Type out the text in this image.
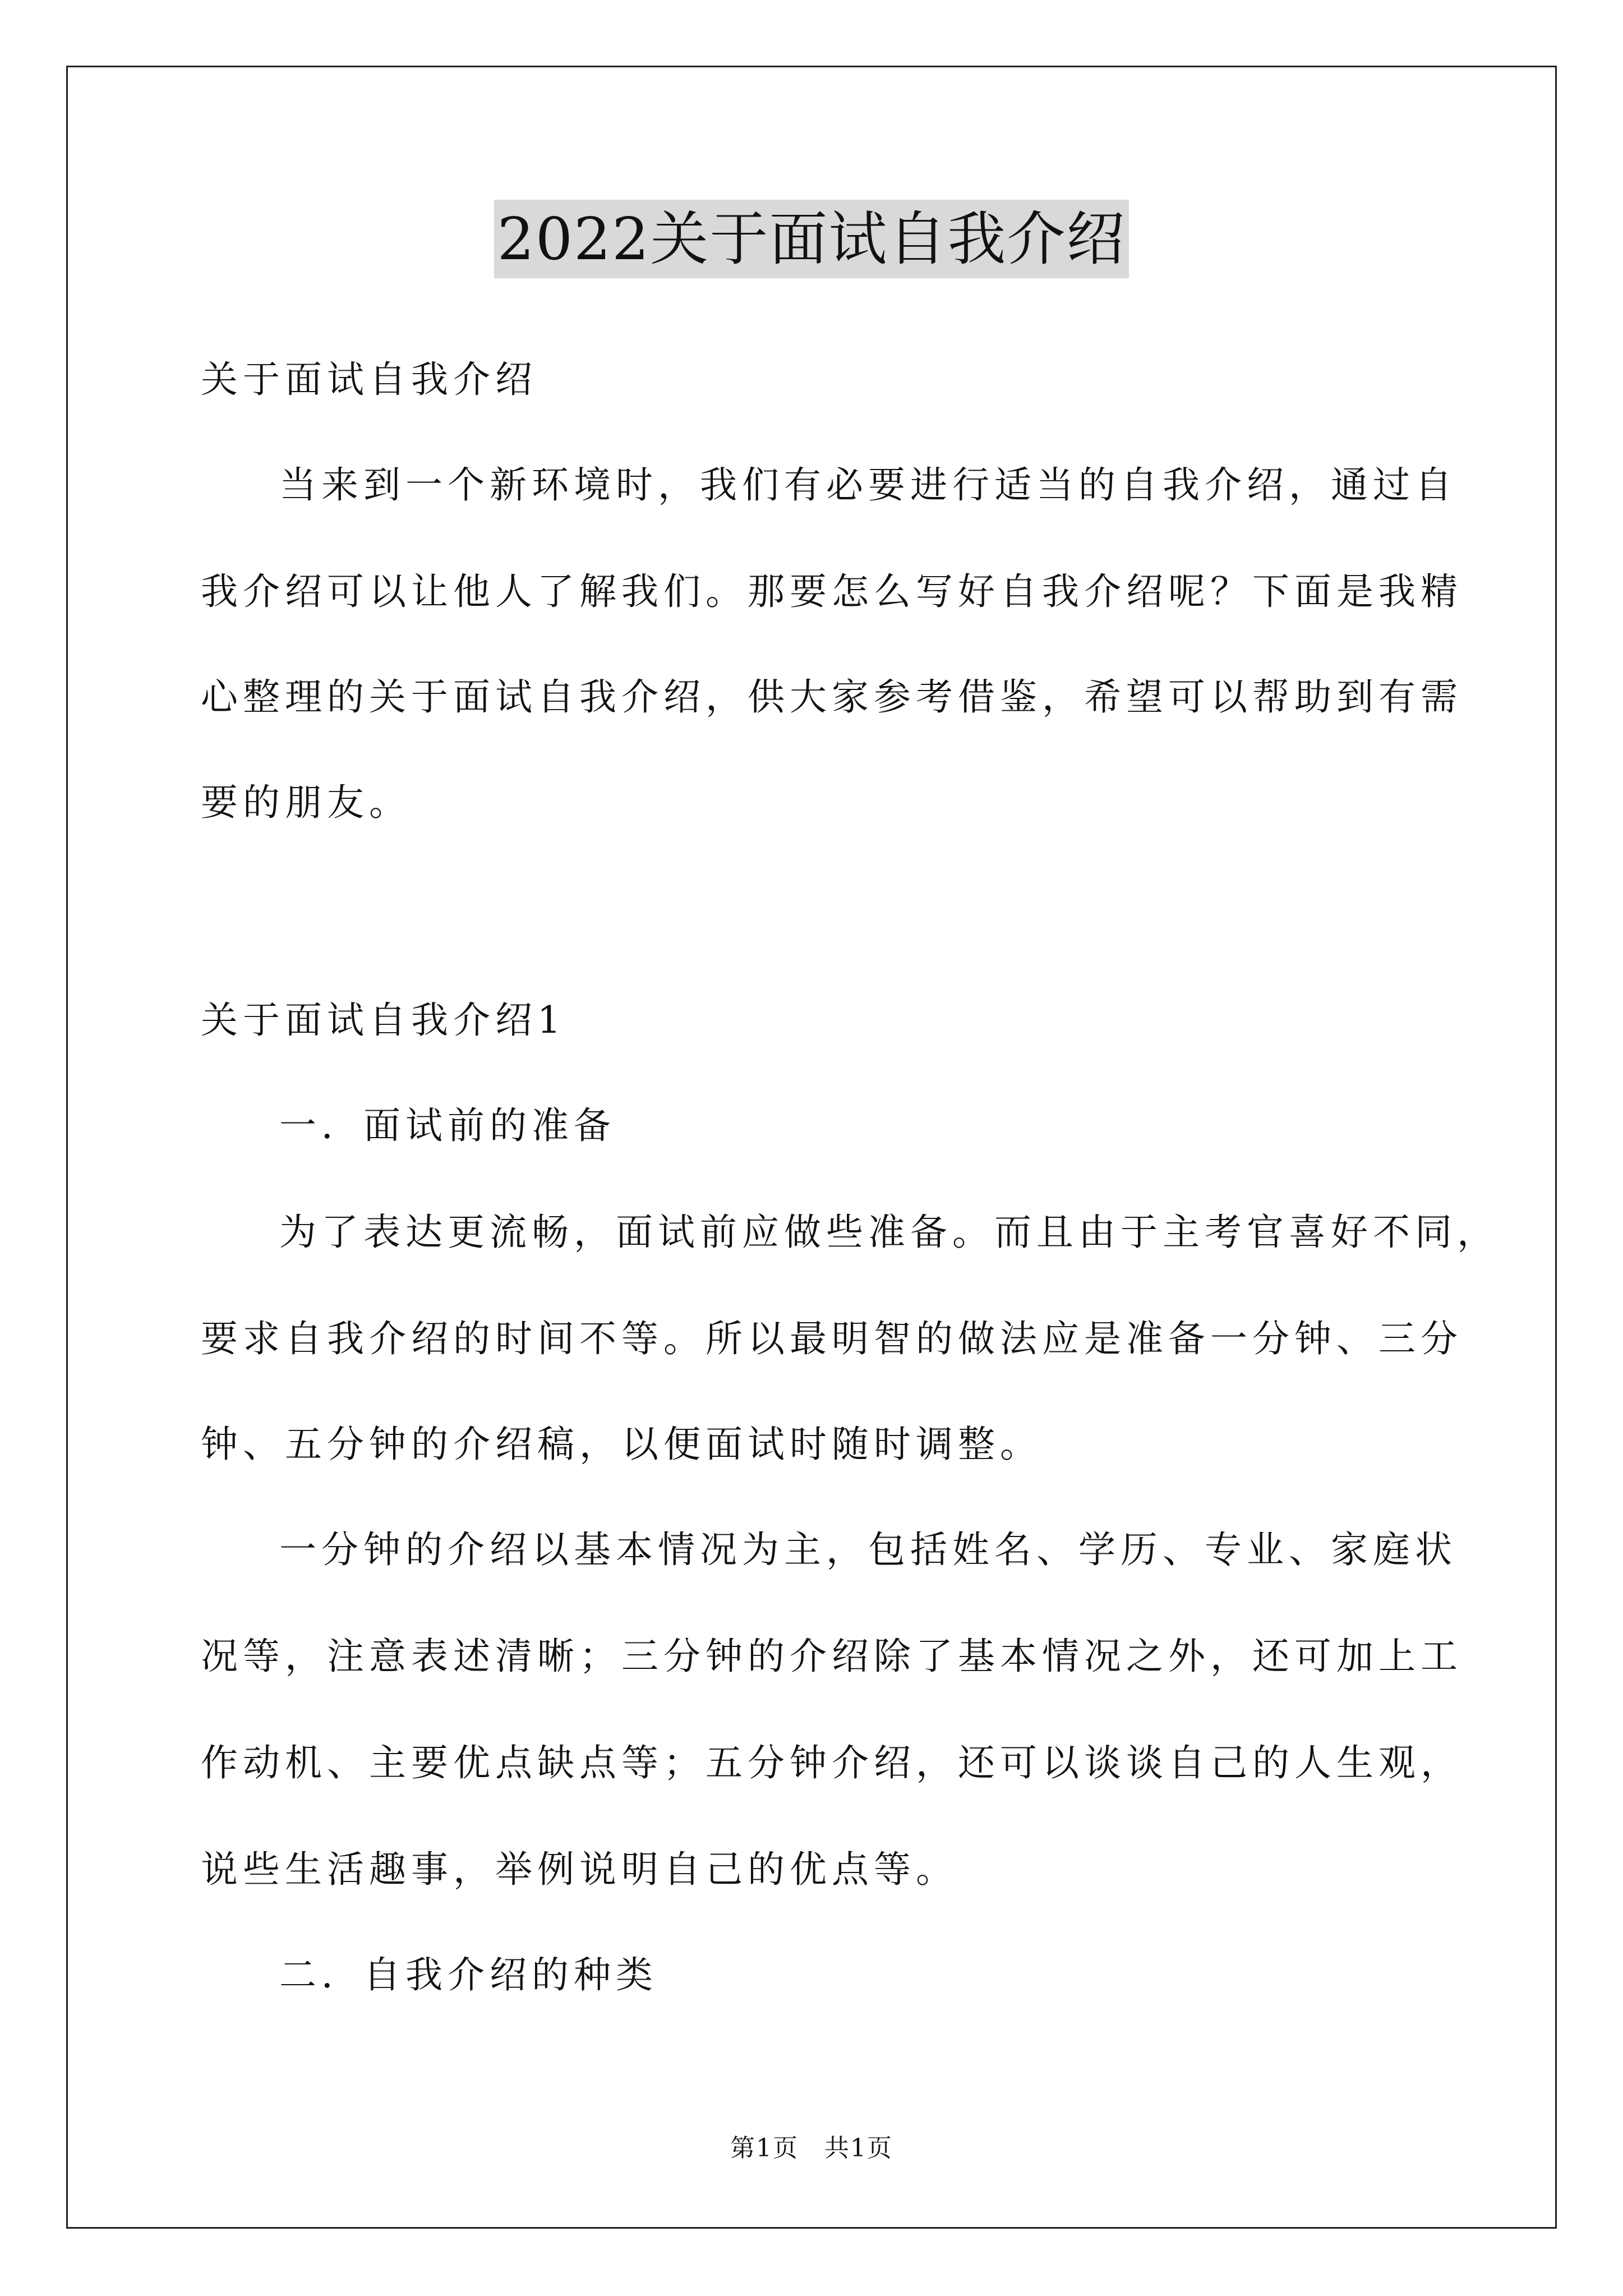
2022关于面试自我介绍
关于面试自我介绍
当来到一个新环境时，我们有必要进行适当的自我介绍，通过自
我介绍可以让他人了解我们。那要怎么写好自我介绍呢？下面是我精
心整理的关于面试自我介绍，供大家参考借鉴，希望可以帮助到有需
要的朋友。
关于面试自我介绍1
一．面试前的准备
为了表达更流畅，面试前应做些准备。而且由于主考官喜好不同，
要求自我介绍的时间不等。所以最明智的做法应是准备一分钟、三分
钟、五分钟的介绍稿，以便面试时随时调整。
一分钟的介绍以基本情况为主，包括姓名、学历、专业、家庭状
况等，注意表述清晰；三分钟的介绍除了基本情况之外，还可加上工
作动机、主要优点缺点等；五分钟介绍，还可以谈谈自己的人生观，
说些生活趣事，举例说明自己的优点等。
二．自我介绍的种类
第1页　共1页
